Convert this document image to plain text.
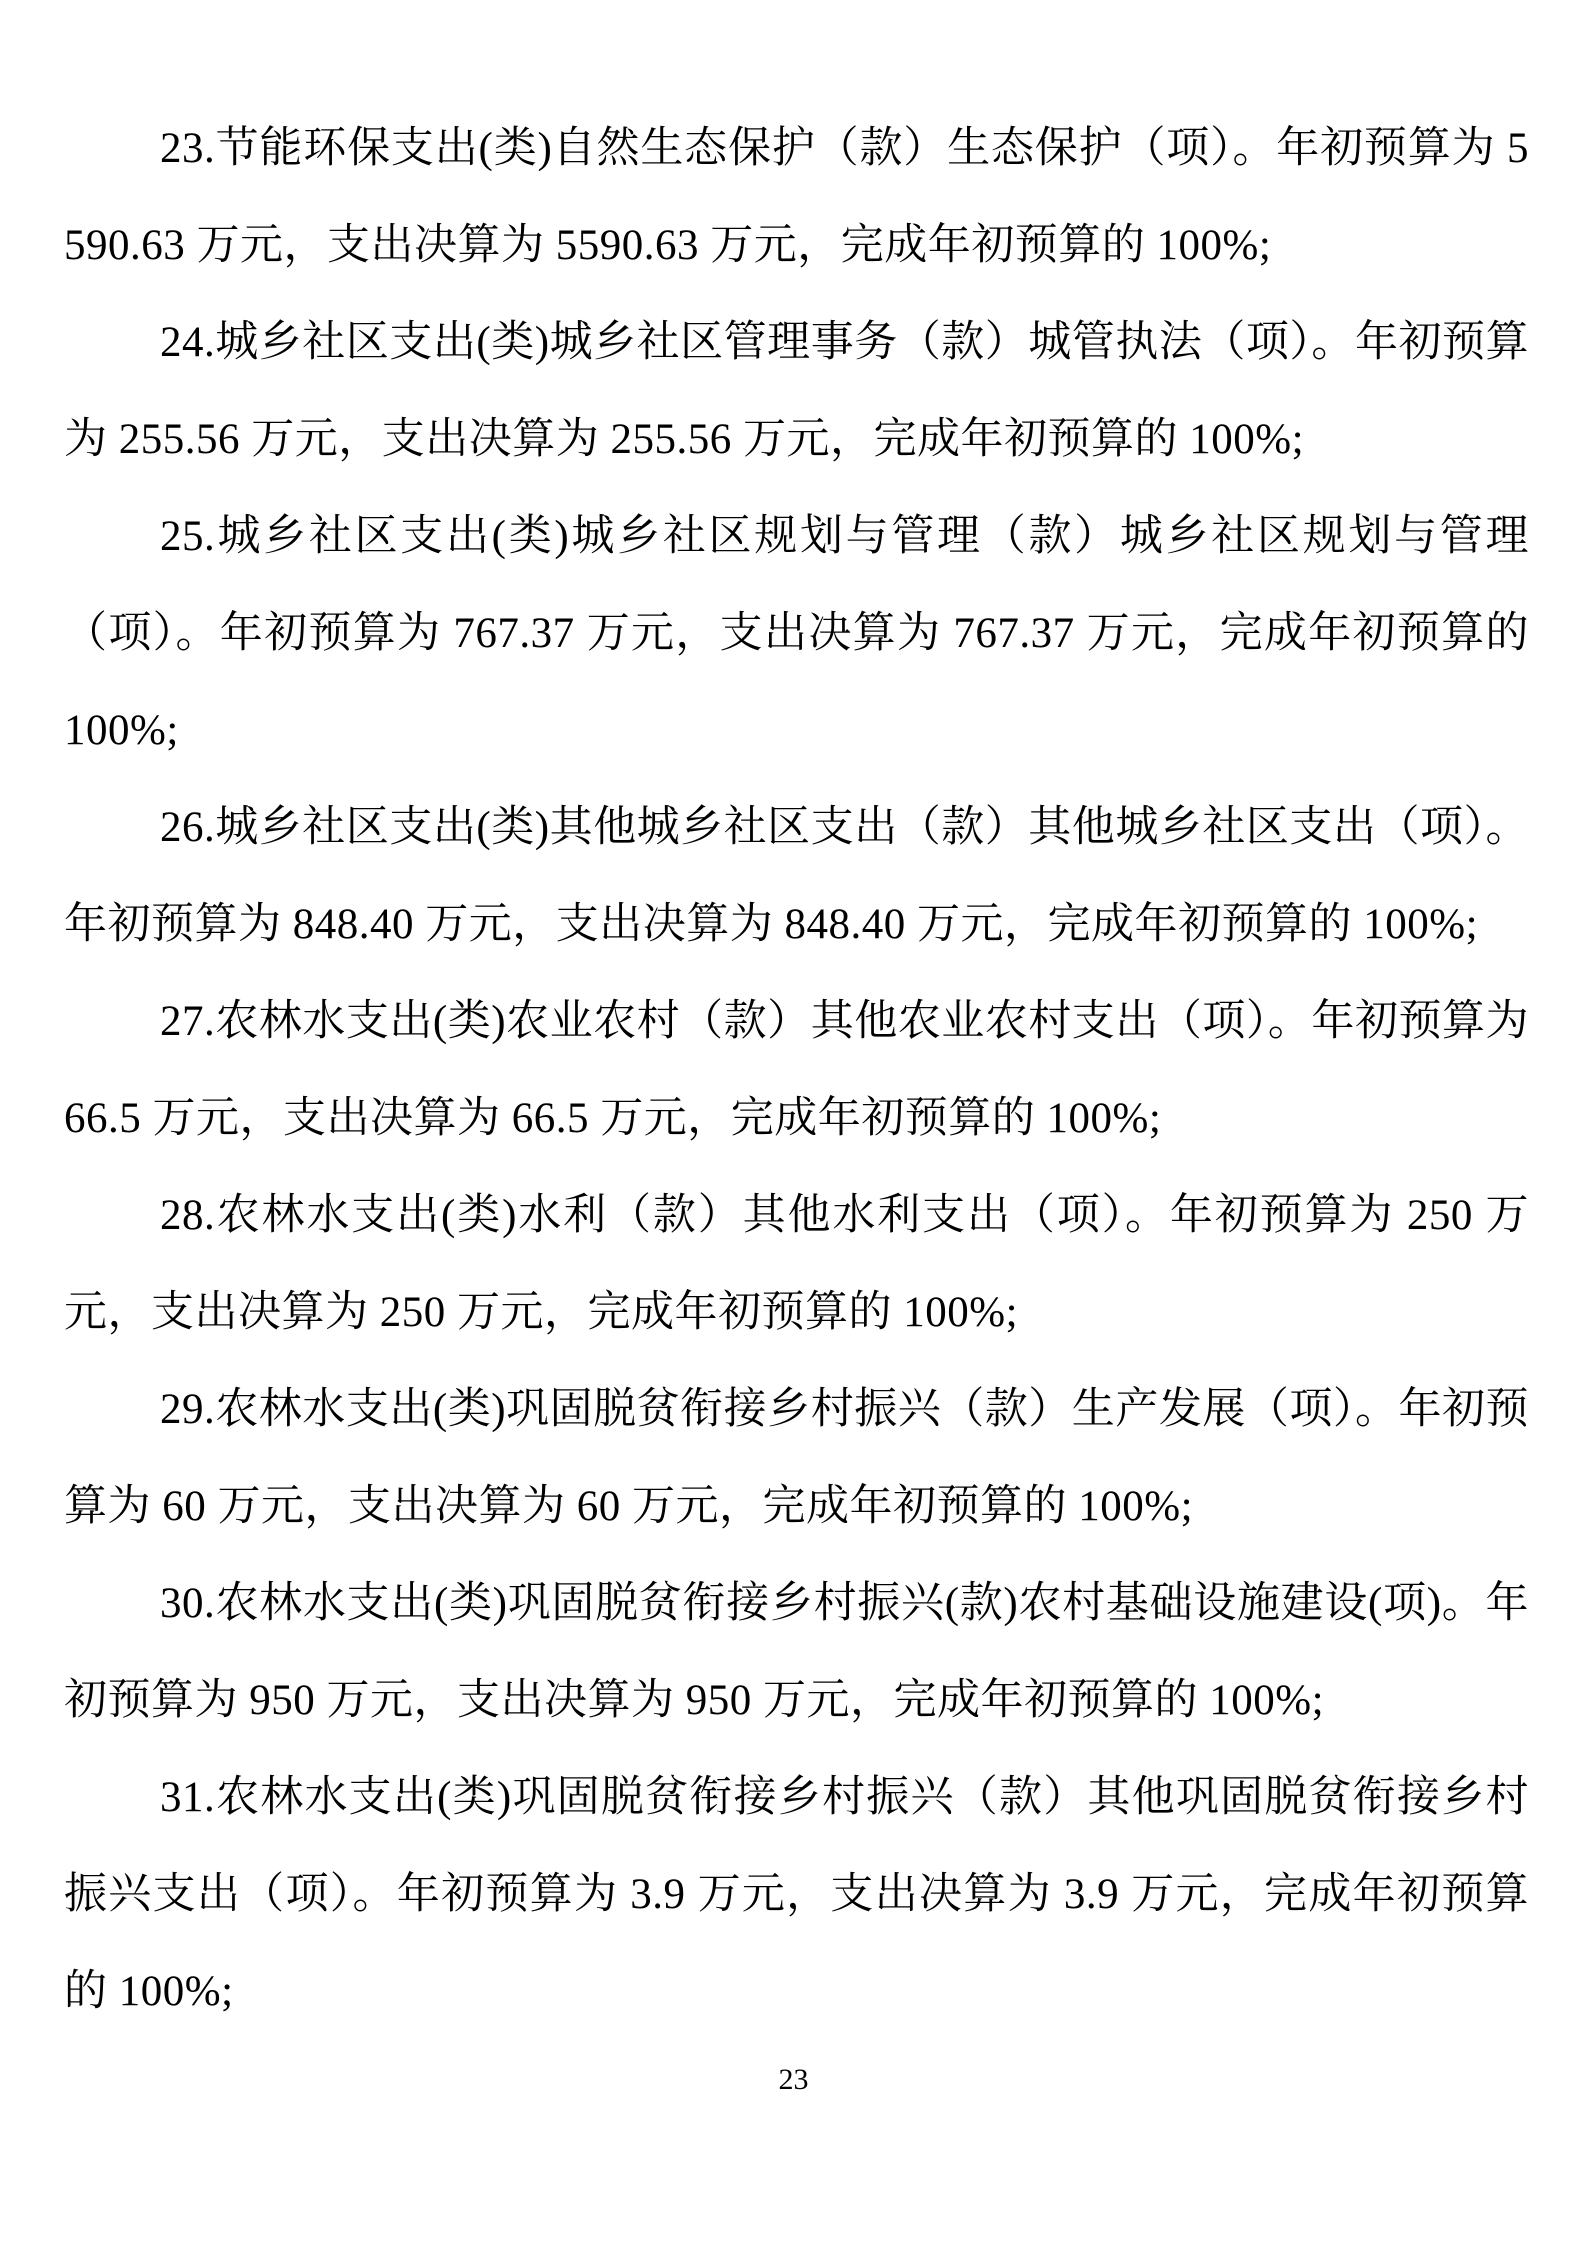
23.节能环保支出(类)自然生态保护（款）生态保护（项）。年初预算为 5590.63 万元，支出决算为 5590.63 万元，完成年初预算的 100%;

24.城乡社区支出(类)城乡社区管理事务（款）城管执法（项）。年初预算为 255.56 万元，支出决算为 255.56 万元，完成年初预算的 100%;

25.城乡社区支出(类)城乡社区规划与管理（款）城乡社区规划与管理（项）。年初预算为 767.37 万元，支出决算为 767.37 万元，完成年初预算的 100%;

26.城乡社区支出(类)其他城乡社区支出（款）其他城乡社区支出（项）。年初预算为 848.40 万元，支出决算为 848.40 万元，完成年初预算的 100%;

27.农林水支出(类)农业农村（款）其他农业农村支出（项）。年初预算为 66.5 万元，支出决算为 66.5 万元，完成年初预算的 100%;

28.农林水支出(类)水利（款）其他水利支出（项）。年初预算为 250 万元，支出决算为 250 万元，完成年初预算的 100%;

29.农林水支出(类)巩固脱贫衔接乡村振兴（款）生产发展（项）。年初预算为 60 万元，支出决算为 60 万元，完成年初预算的 100%;

30.农林水支出(类)巩固脱贫衔接乡村振兴(款)农村基础设施建设(项)。年初预算为 950 万元，支出决算为 950 万元，完成年初预算的 100%;

31.农林水支出(类)巩固脱贫衔接乡村振兴（款）其他巩固脱贫衔接乡村振兴支出（项）。年初预算为 3.9 万元，支出决算为 3.9 万元，完成年初预算的 100%;

23
